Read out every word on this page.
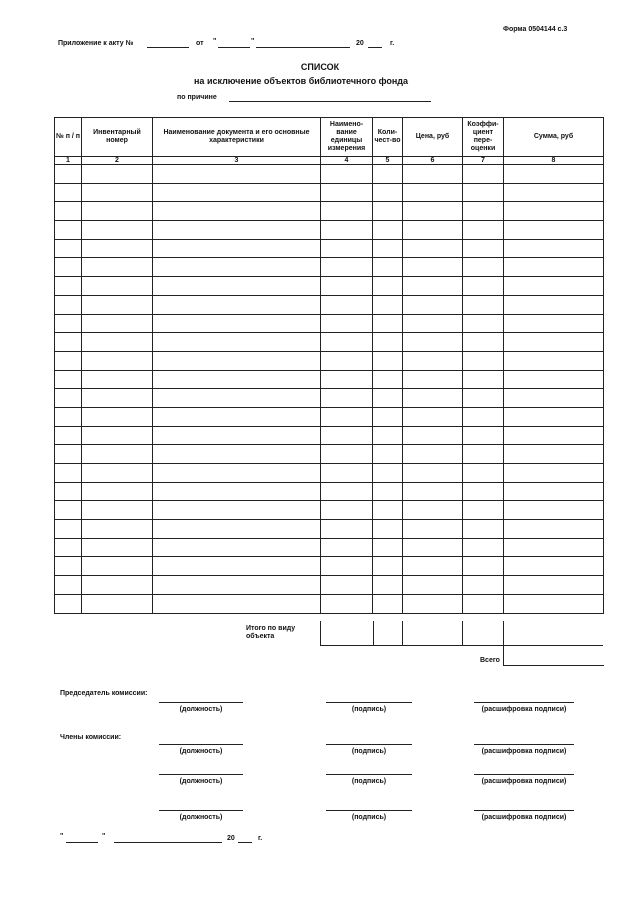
Форма 0504144 с.3
Приложение к акту №	от "	"	20	г.
СПИСОК
на исключение объектов библиотечного фонда
по причине
№ п / п	Инвентарный номер	Наименование документа и его основные характеристики	Наимено-вание единицы измерения	Коли-чест-во	Цена, руб	Коэффи-циент пере-оценки	Сумма, руб
1	2	3	4	5	6	7	8

Итого по виду объекта
Всего
Председатель комиссии:
(должность)	(подпись)	(расшифровка подписи)
Члены комиссии:
(должность)	(подпись)	(расшифровка подписи)
(должность)	(подпись)	(расшифровка подписи)
(должность)	(подпись)	(расшифровка подписи)
"	"	20	г.
